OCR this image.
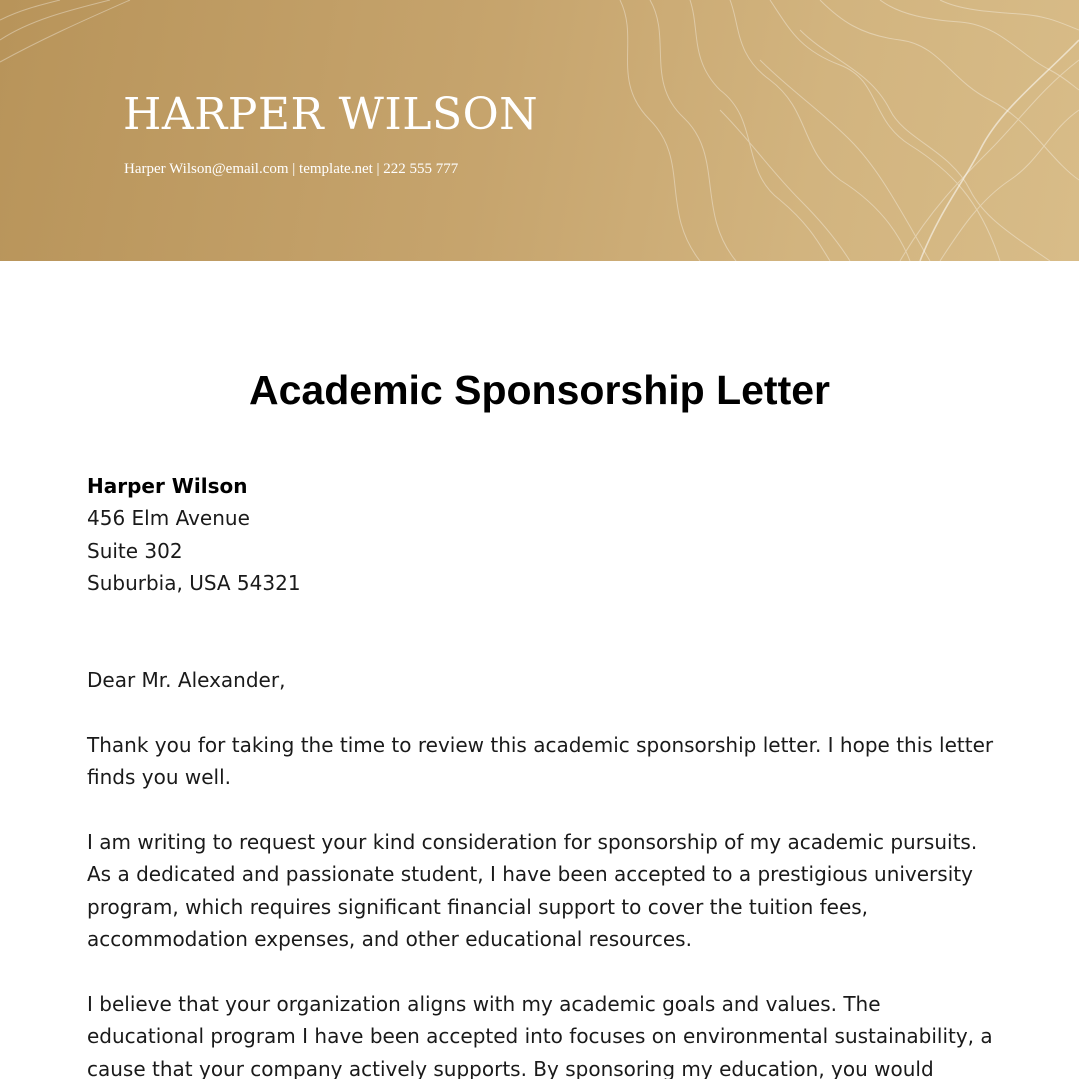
HARPER WILSON
Harper Wilson@email.com | template.net | 222 555 777
Academic Sponsorship Letter
Harper Wilson
456 Elm Avenue
Suite 302
Suburbia, USA 54321
Dear Mr. Alexander,

Thank you for taking the time to review this academic sponsorship letter. I hope this letter finds you well.

I am writing to request your kind consideration for sponsorship of my academic pursuits. As a dedicated and passionate student, I have been accepted to a prestigious university program, which requires significant financial support to cover the tuition fees, accommodation expenses, and other educational resources.

I believe that your organization aligns with my academic goals and values. The educational program I have been accepted into focuses on environmental sustainability, a cause that your company actively supports. By sponsoring my education, you would
